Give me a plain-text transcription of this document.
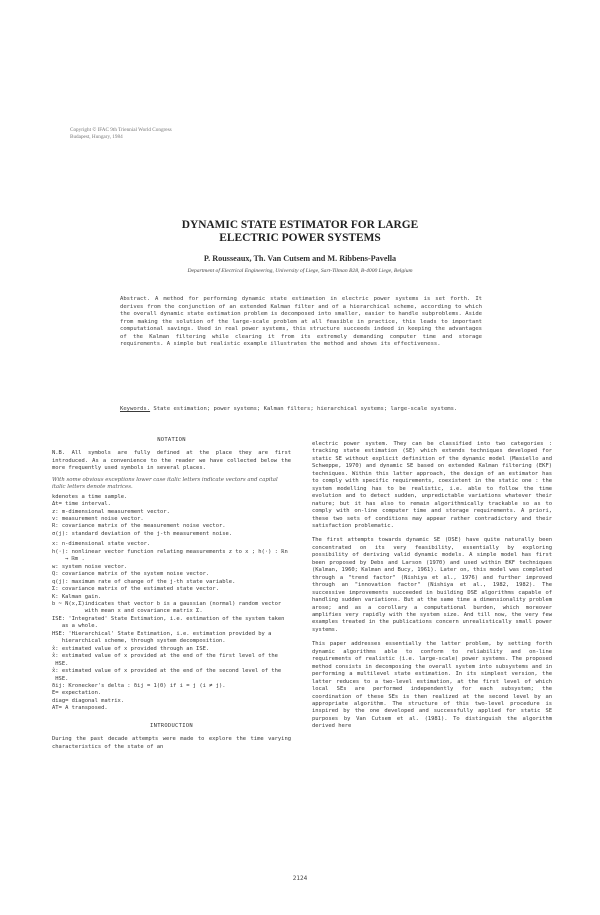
Copyright © IFAC 9th Triennial World Congress
Budapest, Hungary, 1984
DYNAMIC STATE ESTIMATOR FOR LARGE
ELECTRIC POWER SYSTEMS
P. Rousseaux, Th. Van Cutsem and M. Ribbens-Pavella
Department of Electrical Engineering, University of Liege, Sart-Tilman B28, B-4000 Liege, Belgium
Abstract. A method for performing dynamic state estimation in electric power systems is set forth. It derives from the conjunction of an extended Kalman filter and of a hierarchical scheme, according to which the overall dynamic state estimation problem is decomposed into smaller, easier to handle subproblems. Aside from making the solution of the large-scale problem at all feasible in practice, this leads to important computational savings. Used in real power systems, this structure succeeds indeed in keeping the advantages of the Kalman filtering while clearing it from its extremely demanding computer time and storage requirements. A simple but realistic example illustrates the method and shows its effectiveness.
Keywords. State estimation; power systems; Kalman filters; hierarchical systems; large-scale systems.

NOTATION

N.B. All symbols are fully defined at the place they are first introduced. As a convenience to the reader we have collected below the more frequently used symbols in several places.

With some obvious exceptions lower case italic letters indicate vectors and capital italic letters denote matrices.

k denotes a time sample.
Δt = time interval.
z : m-dimensional measurement vector.
v : measurement noise vector.
R : covariance matrix of the measurement noise vector.
σ(j) : standard deviation of the j-th measurement noise.
x : n-dimensional state vector.
h(·) : nonlinear vector function relating measurements z to x ; h(·) : ℝn → ℝm .
w : system noise vector.
Q : covariance matrix of the system noise vector.
q(j) : maximum rate of change of the j-th state variable.
Σ : covariance matrix of the estimated state vector.
K : Kalman gain.
b ~ N(x,Σ) indicates that vector b is a gaussian (normal) random vector with mean x and covariance matrix Σ.
ISE : 'Integrated' State Estimation, i.e. estimation of the system taken as a whole.
HSE : 'Hierarchical' State Estimation, i.e. estimation provided by a hierarchical scheme, through system decomposition.
x̂ : estimated value of x provided through an ISE.
x̂ : estimated value of x provided at the end of the first level of the HSE.
x̂ : estimated value of x provided at the end of the second level of the HSE.
δij : Kronecker's delta : δij = 1(0) if i = j (i ≠ j).
E = expectation.
diag = diagonal matrix.
AT = A transposed.

INTRODUCTION

During the past decade attempts were made to explore the time varying characteristics of the state of an

electric power system. They can be classified into two categories : tracking state estimation (SE) which extends techniques developed for static SE without explicit definition of the dynamic model (Masiello and Schweppe, 1970) and dynamic SE based on extended Kalman filtering (EKF) techniques. Within this latter approach, the design of an estimator has to comply with specific requirements, coexistent in the static one : the system modelling has to be realistic, i.e. able to follow the time evolution and to detect sudden, unpredictable variations whatever their nature; but it has also to remain algorithmically trackable so as to comply with on-line computer time and storage requirements. A priori, these two sets of conditions may appear rather contradictory and their satisfaction problematic.

The first attempts towards dynamic SE (DSE) have quite naturally been concentrated on its very feasibility, essentially by exploring possibility of deriving valid dynamic models. A simple model has first been proposed by Debs and Larson (1970) and used within EKF techniques (Kalman, 1960; Kalman and Bucy, 1961). Later on, this model was completed through a "trend factor" (Nishiya et al., 1976) and further improved through an "innovation factor" (Nishiya et al., 1982, 1982). The successive improvements succeeded in building DSE algorithms capable of handling sudden variations. But at the same time a dimensionality problem arose; and as a corollary a computational burden, which moreover amplifies very rapidly with the system size. And till now, the very few examples treated in the publications concern unrealistically small power systems.

This paper addresses essentially the latter problem, by setting forth dynamic algorithms able to conform to reliability and on-line requirements of realistic (i.e. large-scale) power systems. The proposed method consists in decomposing the overall system into subsystems and in performing a multilevel state estimation. In its simplest version, the latter reduces to a two-level estimation, at the first level of which local SEs are performed independently for each subsystem; the coordination of these SEs is then realized at the second level by an appropriate algorithm. The structure of this two-level procedure is inspired by the one developed and successfully applied for static SE purposes by Van Cutsem et al. (1981). To distinguish the algorithm derived here

2124
